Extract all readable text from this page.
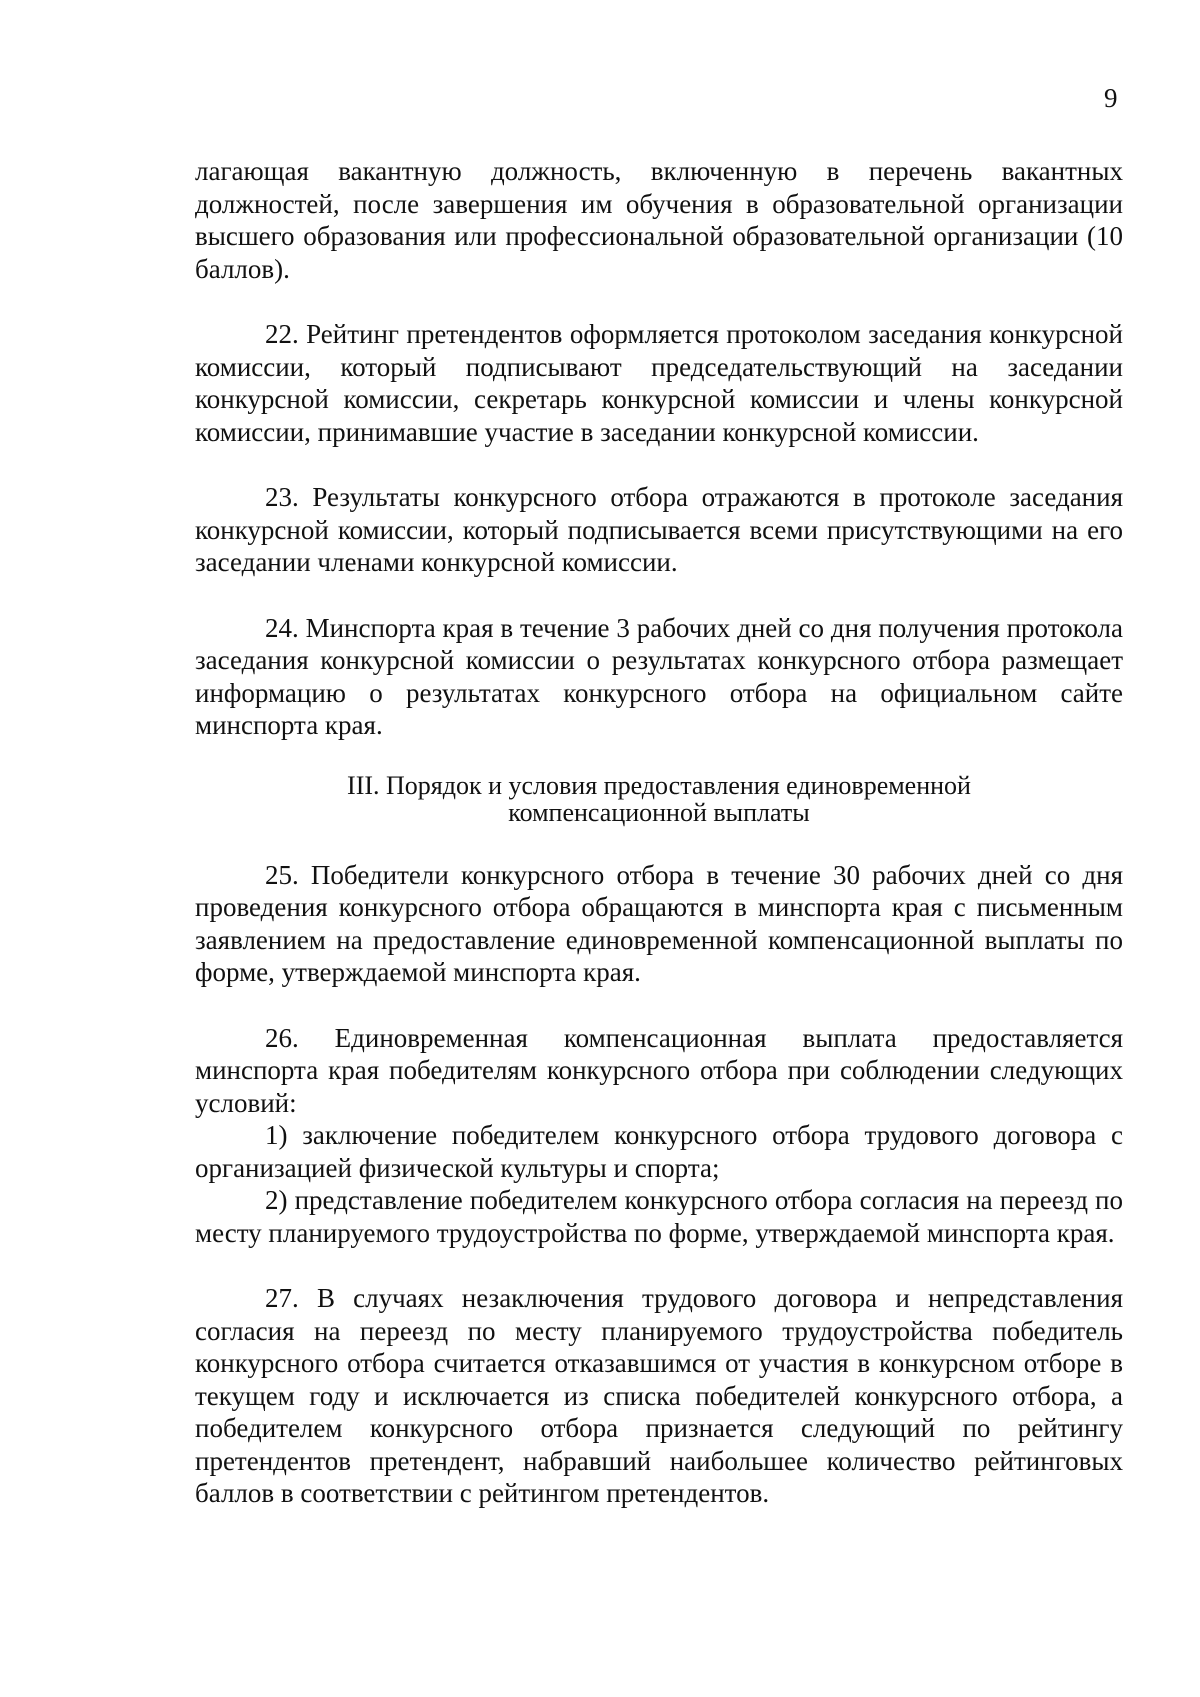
9

лагающая вакантную должность, включенную в перечень вакантных должностей, после завершения им обучения в образовательной организации высшего образования или профессиональной образовательной организации (10 баллов).

22. Рейтинг претендентов оформляется протоколом заседания конкурсной комиссии, который подписывают председательствующий на заседании конкурсной комиссии, секретарь конкурсной комиссии и члены конкурсной комиссии, принимавшие участие в заседании конкурсной комиссии.

23. Результаты конкурсного отбора отражаются в протоколе заседания конкурсной комиссии, который подписывается всеми присутствующими на его заседании членами конкурсной комиссии.

24. Минспорта края в течение 3 рабочих дней со дня получения протокола заседания конкурсной комиссии о результатах конкурсного отбора размещает информацию о результатах конкурсного отбора на официальном сайте минспорта края.

III. Порядок и условия предоставления единовременной

компенсационной выплаты

25. Победители конкурсного отбора в течение 30 рабочих дней со дня проведения конкурсного отбора обращаются в минспорта края с письменным заявлением на предоставление единовременной компенсационной выплаты по форме, утверждаемой минспорта края.

26. Единовременная компенсационная выплата предоставляется минспорта края победителям конкурсного отбора при соблюдении следующих условий:

1) заключение победителем конкурсного отбора трудового договора с организацией физической культуры и спорта;

2) представление победителем конкурсного отбора согласия на переезд по месту планируемого трудоустройства по форме, утверждаемой минспорта края.

27. В случаях незаключения трудового договора и непредставления согласия на переезд по месту планируемого трудоустройства победитель конкурсного отбора считается отказавшимся от участия в конкурсном отборе в текущем году и исключается из списка победителей конкурсного отбора, а победителем конкурсного отбора признается следующий по рейтингу претендентов претендент, набравший наибольшее количество рейтинговых баллов в соответствии с рейтингом претендентов.
